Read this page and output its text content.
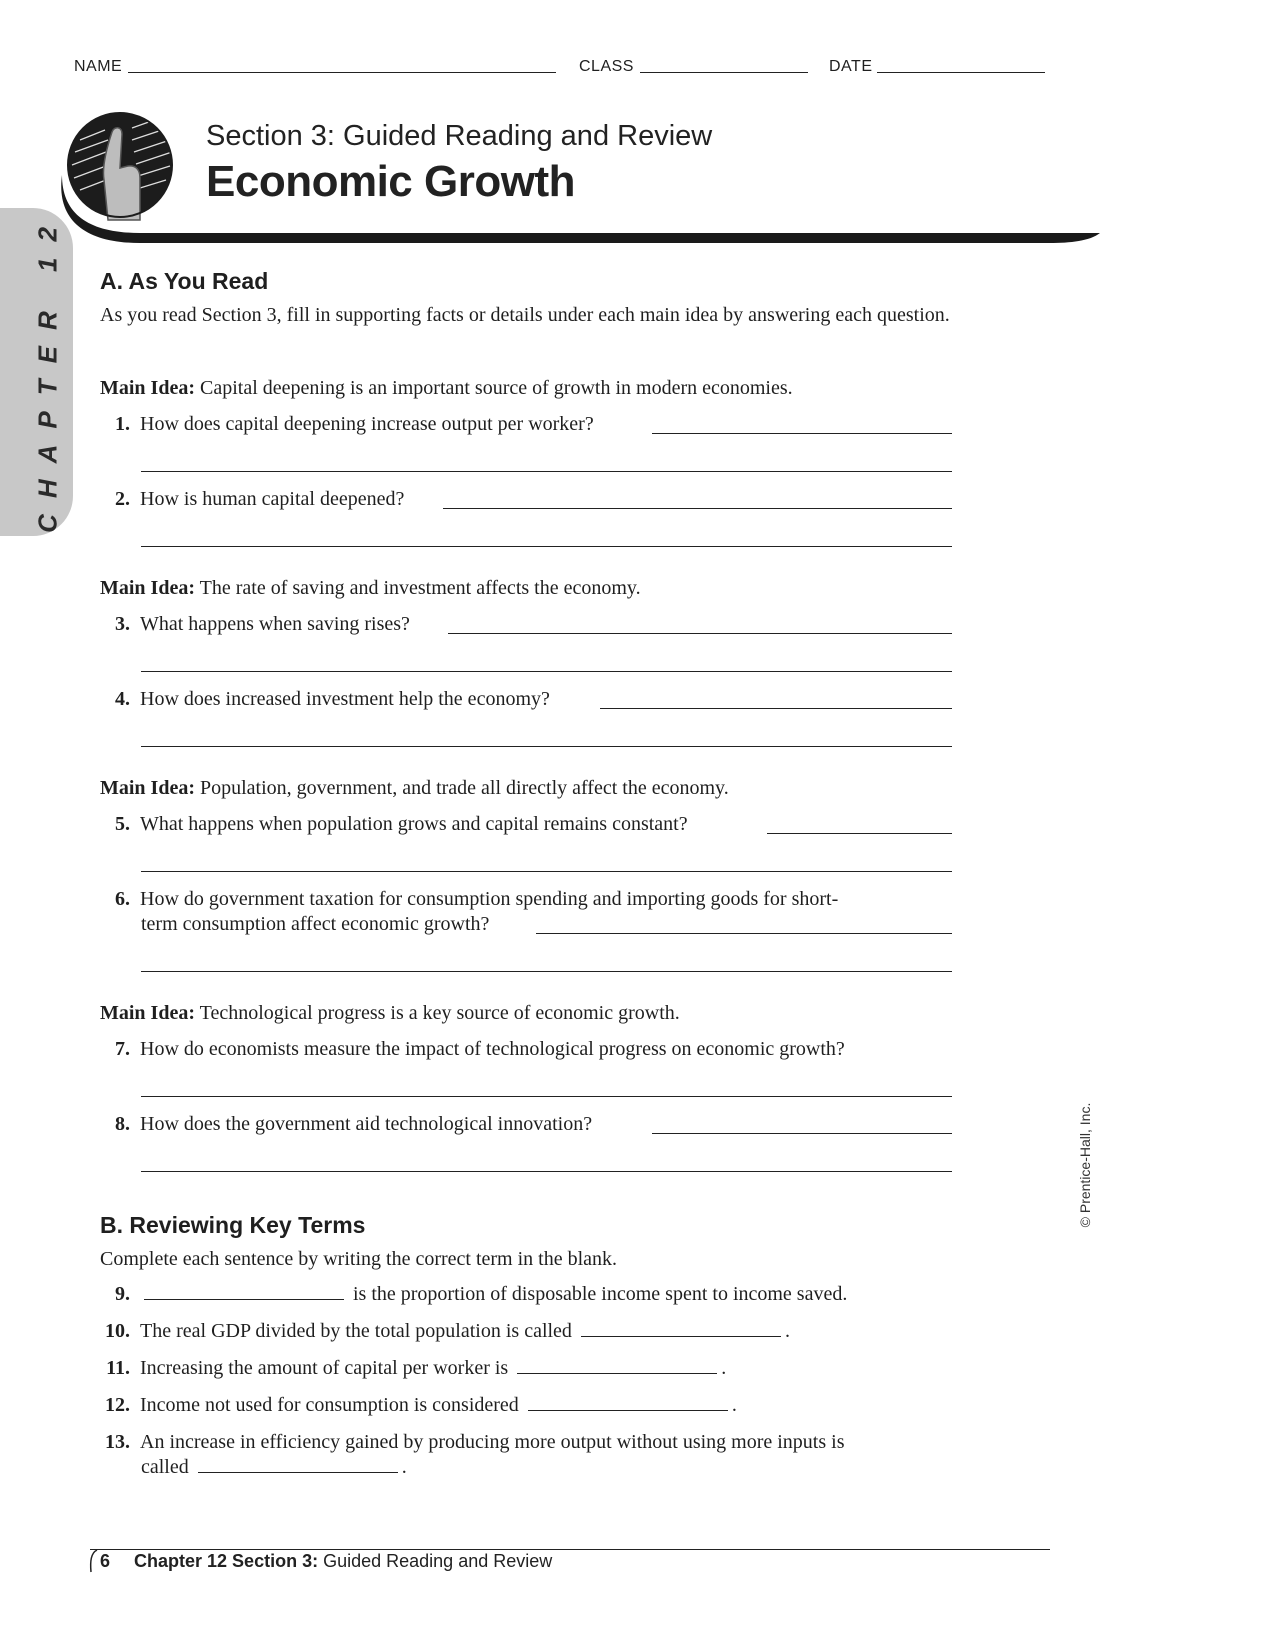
NAME	CLASS	DATE
CHAPTER 12
Section 3: Guided Reading and Review
Economic Growth
A. As You Read
As you read Section 3, fill in supporting facts or details under each main idea by answering each question.
Main Idea: Capital deepening is an important source of growth in modern economies.
1. How does capital deepening increase output per worker?
2. How is human capital deepened?
Main Idea: The rate of saving and investment affects the economy.
3. What happens when saving rises?
4. How does increased investment help the economy?
Main Idea: Population, government, and trade all directly affect the economy.
5. What happens when population grows and capital remains constant?
6. How do government taxation for consumption spending and importing goods for short-
term consumption affect economic growth?
Main Idea: Technological progress is a key source of economic growth.
7. How do economists measure the impact of technological progress on economic growth?
8. How does the government aid technological innovation?
B. Reviewing Key Terms
Complete each sentence by writing the correct term in the blank.
9.	is the proportion of disposable income spent to income saved.
10. The real GDP divided by the total population is called	.
11. Increasing the amount of capital per worker is	.
12. Income not used for consumption is considered	.
13. An increase in efficiency gained by producing more output without using more inputs is
called	.
© Prentice-Hall, Inc.
6 Chapter 12 Section 3: Guided Reading and Review
